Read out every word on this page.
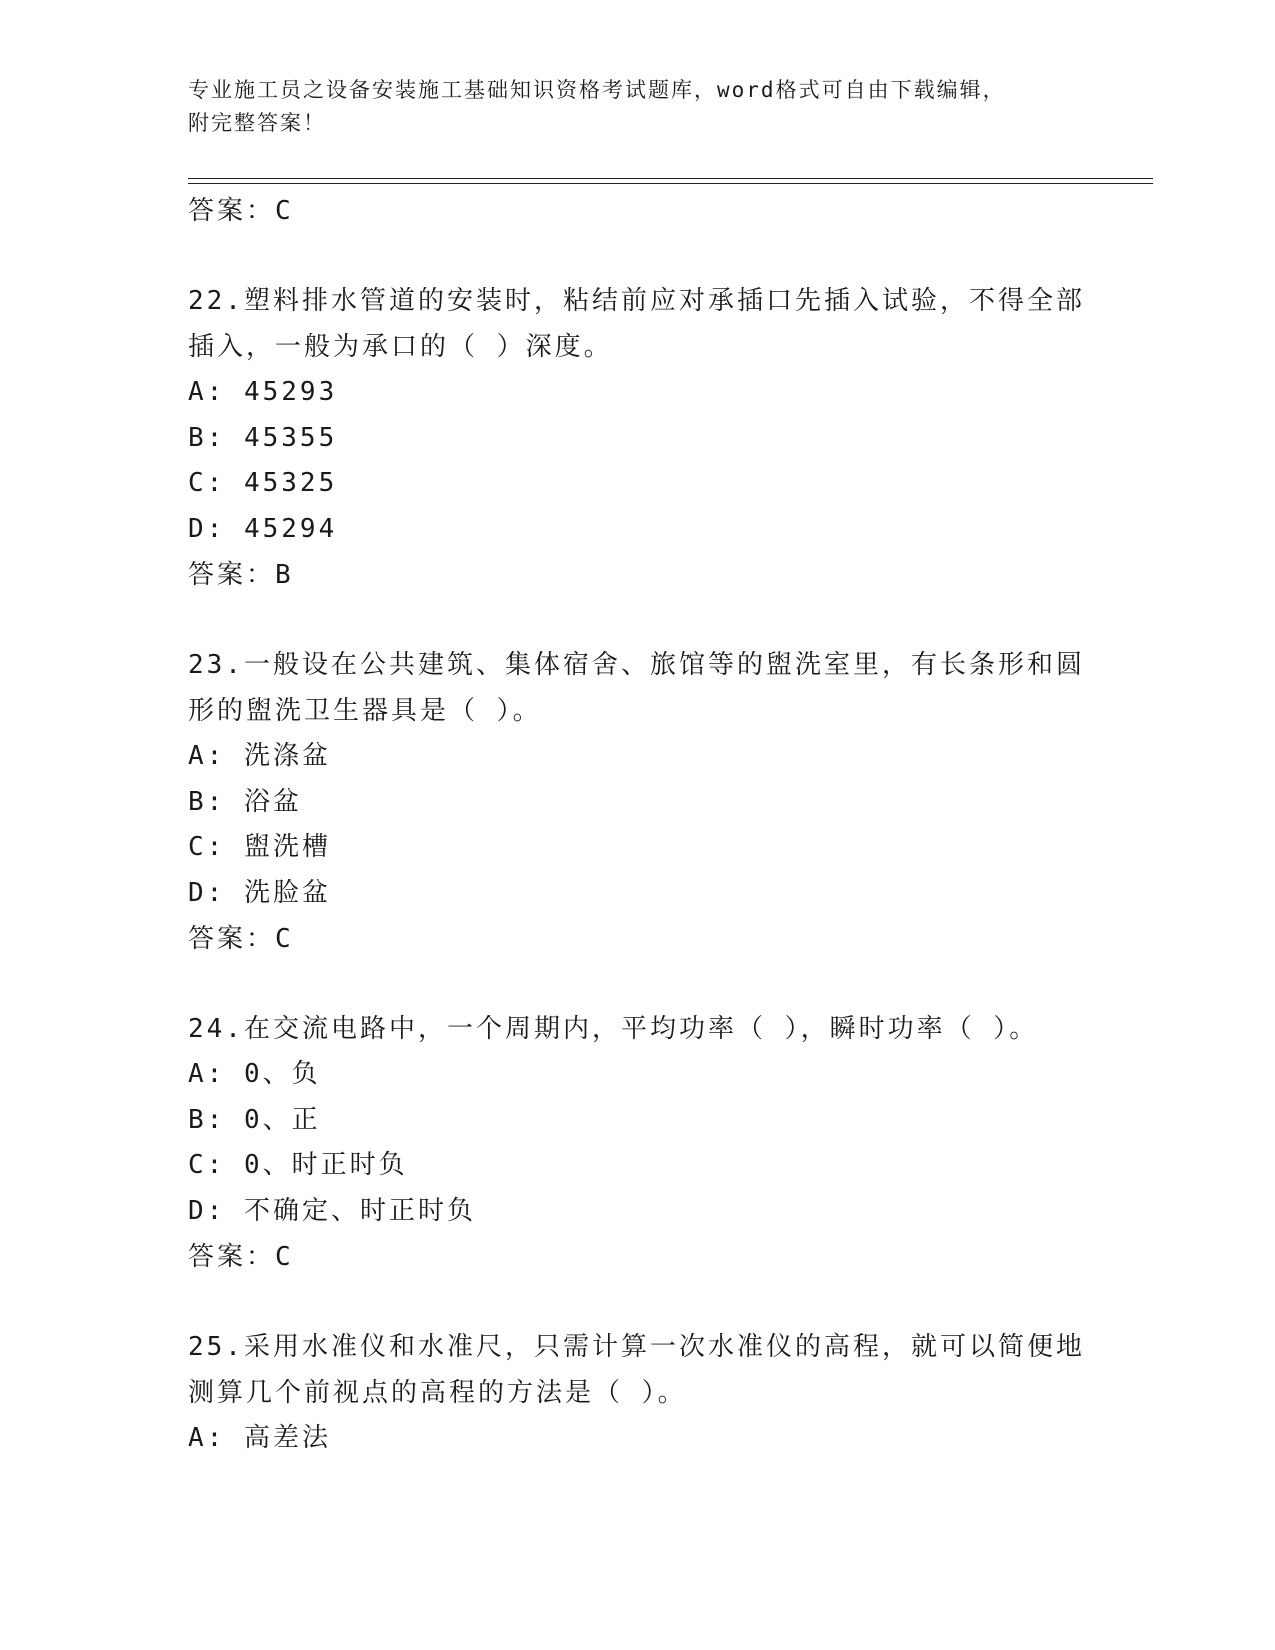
专业施工员之设备安装施工基础知识资格考试题库，word格式可自由下载编辑，
附完整答案！
答案：C
22.塑料排水管道的安装时，粘结前应对承插口先插入试验，不得全部
插入，一般为承口的（ ）深度。
A: 45293
B: 45355
C: 45325
D: 45294
答案：B
23.一般设在公共建筑、集体宿舍、旅馆等的盥洗室里，有长条形和圆
形的盥洗卫生器具是（ ）。
A: 洗涤盆
B: 浴盆
C: 盥洗槽
D: 洗脸盆
答案：C
24.在交流电路中，一个周期内，平均功率（ ），瞬时功率（ ）。
A: 0、负
B: 0、正
C: 0、时正时负
D: 不确定、时正时负
答案：C
25.采用水准仪和水准尺，只需计算一次水准仪的高程，就可以简便地
测算几个前视点的高程的方法是（ ）。
A: 高差法
